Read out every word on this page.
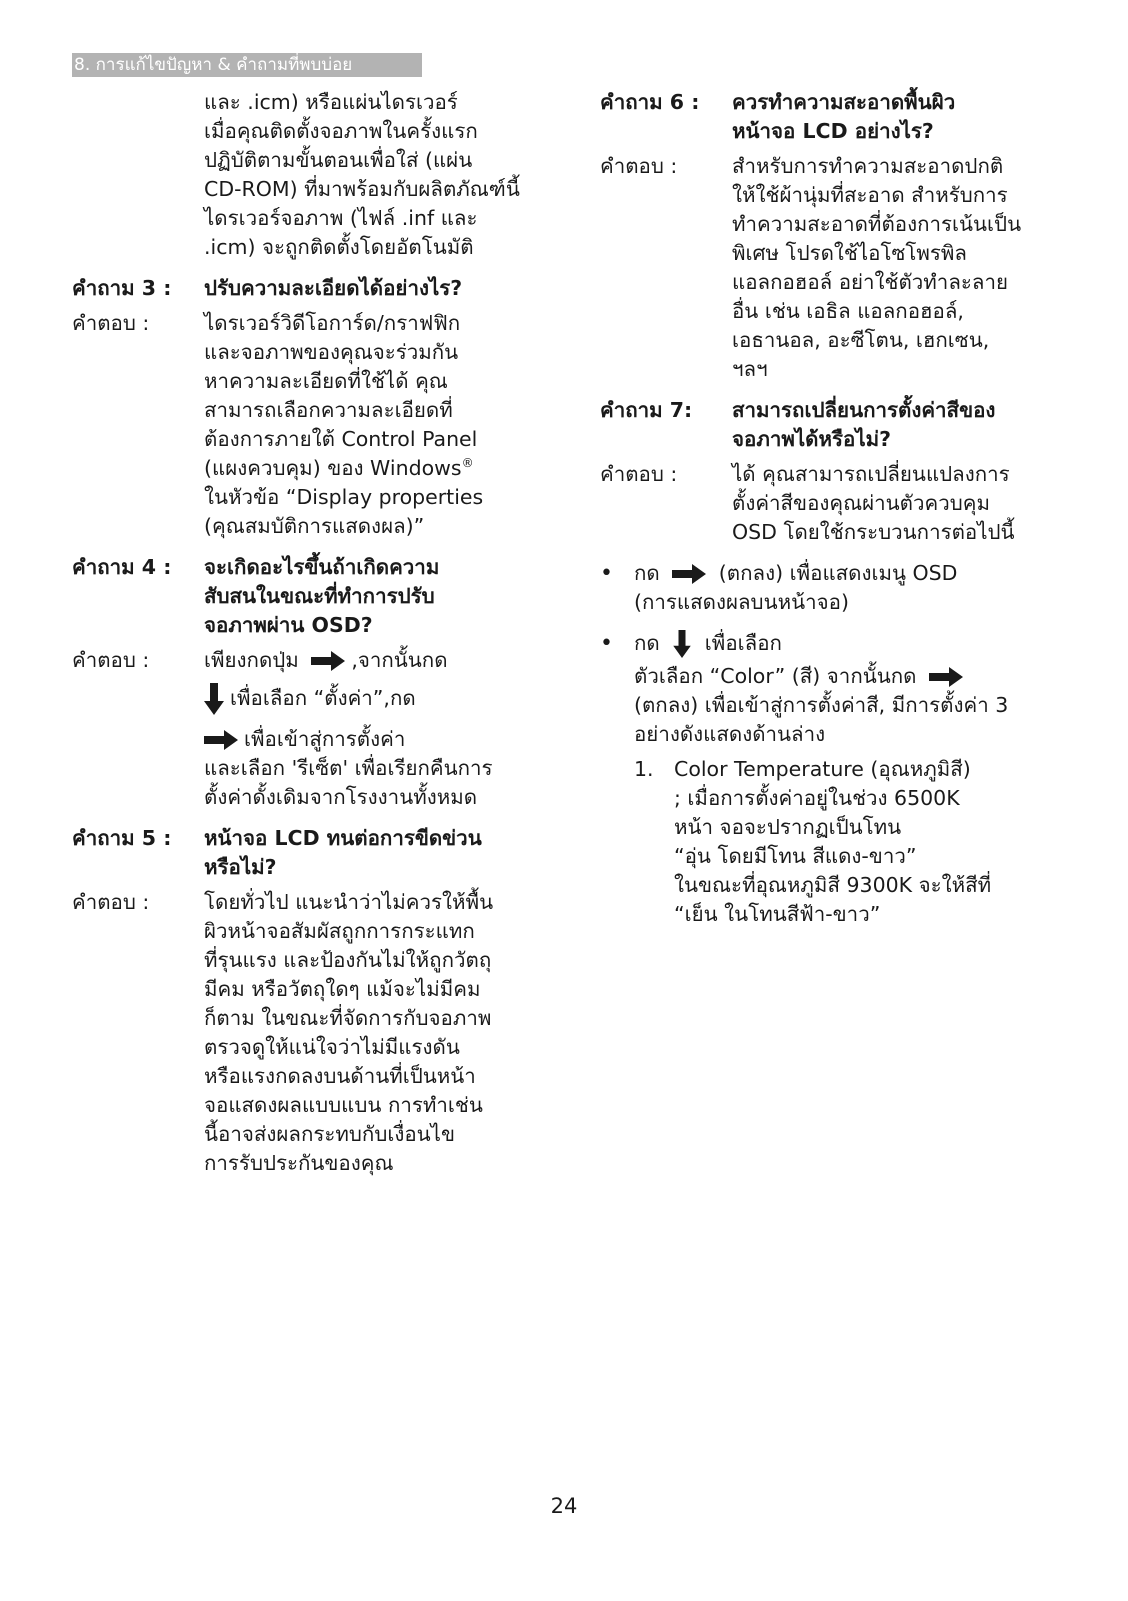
8. การแก้ไขปัญหา & คำถามที่พบบ่อย
และ .icm) หรือแผ่นไดรเวอร์
เมื่อคุณติดตั้งจอภาพในครั้งแรก
ปฏิบัติตามขั้นตอนเพื่อใส่ (แผ่น
CD-ROM) ที่มาพร้อมกับผลิตภัณฑ์นี้
ไดรเวอร์จอภาพ (ไฟล์ .inf และ
.icm) จะถูกติดตั้งโดยอัตโนมัติ
คำถาม 3 :	ปรับความละเอียดได้อย่างไร?
คำตอบ :	ไดรเวอร์วิดีโอการ์ด/กราฟฟิก
และจอภาพของคุณจะร่วมกัน
หาความละเอียดที่ใช้ได้ คุณ
สามารถเลือกความละเอียดที่
ต้องการภายใต้ Control Panel
(แผงควบคุม) ของ Windows®
ในหัวข้อ “Display properties
(คุณสมบัติการแสดงผล)”
คำถาม 4 :	จะเกิดอะไรขึ้นถ้าเกิดความ
สับสนในขณะที่ทำการปรับ
จอภาพผ่าน OSD?
คำตอบ :	เพียงกดปุ่ม	,จากนั้นกด
เพื่อเลือก “ตั้งค่า”,กด
เพื่อเข้าสู่การตั้งค่า
และเลือก 'รีเซ็ต' เพื่อเรียกคืนการ
ตั้งค่าดั้งเดิมจากโรงงานทั้งหมด
คำถาม 5 :	หน้าจอ LCD ทนต่อการขีดข่วน
หรือไม่?
คำตอบ :	โดยทั่วไป แนะนำว่าไม่ควรให้พื้น
ผิวหน้าจอสัมผัสถูกการกระแทก
ที่รุนแรง และป้องกันไม่ให้ถูกวัตถุ
มีคม หรือวัตถุใดๆ แม้จะไม่มีคม
ก็ตาม ในขณะที่จัดการกับจอภาพ
ตรวจดูให้แน่ใจว่าไม่มีแรงดัน
หรือแรงกดลงบนด้านที่เป็นหน้า
จอแสดงผลแบบแบน การทำเช่น
นี้อาจส่งผลกระทบกับเงื่อนไข
การรับประกันของคุณ
คำถาม 6 :	ควรทำความสะอาดพื้นผิว
หน้าจอ LCD อย่างไร?
คำตอบ :	สำหรับการทำความสะอาดปกติ
ให้ใช้ผ้านุ่มที่สะอาด สำหรับการ
ทำความสะอาดที่ต้องการเน้นเป็น
พิเศษ โปรดใช้ไอโซโพรพิล
แอลกอฮอล์ อย่าใช้ตัวทำละลาย
อื่น เช่น เอธิล แอลกอฮอล์,
เอธานอล, อะซีโตน, เฮกเซน,
ฯลฯ
คำถาม 7:	สามารถเปลี่ยนการตั้งค่าสีของ
จอภาพได้หรือไม่?
คำตอบ :	ได้ คุณสามารถเปลี่ยนแปลงการ
ตั้งค่าสีของคุณผ่านตัวควบคุม
OSD โดยใช้กระบวนการต่อไปนี้
•	กด	(ตกลง) เพื่อแสดงเมนู OSD
(การแสดงผลบนหน้าจอ)
•	กด เพื่อเลือก
ตัวเลือก “Color” (สี) จากนั้นกด
(ตกลง) เพื่อเข้าสู่การตั้งค่าสี, มีการตั้งค่า 3
อย่างดังแสดงด้านล่าง
1. Color Temperature (อุณหภูมิสี)
; เมื่อการตั้งค่าอยู่ในช่วง 6500K
หน้า จอจะปรากฏเป็นโทน
“อุ่น โดยมีโทน สีแดง-ขาว”
ในขณะที่อุณหภูมิสี 9300K จะให้สีที่
“เย็น ในโทนสีฟ้า-ขาว”
24
